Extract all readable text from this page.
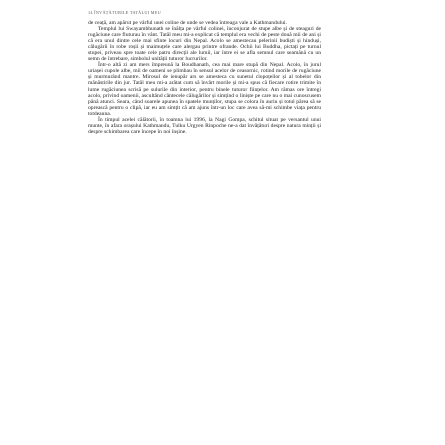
14 ÎNVĂȚĂTURILE TATĂLUI MEU

de ceață, am apărut pe vârful unei coline de unde se vedea întreaga vale a Kathmandului.

Templul lui Swayambhunath se înălța pe vârful colinei, înconjurat de stupe albe și de steaguri de rugăciune care fluturau în vânt. Tatăl meu mi-a explicat că templul era vechi de peste două mii de ani și că era unul dintre cele mai sfinte locuri din Nepal. Acolo se amestecau pelerinii budiști și hinduși, călugării în robe roșii și maimuțele care alergau printre ofrande. Ochii lui Buddha, pictați pe turnul stupei, priveau spre toate cele patru direcții ale lumii, iar între ei se afla semnul care seamănă cu un semn de întrebare, simbolul unității tuturor lucrurilor.

Într-o altă zi am mers împreună la Boudhanath, cea mai mare stupă din Nepal. Acolo, în jurul uriașei cupole albe, mii de oameni se plimbau în sensul acelor de ceasornic, rotind morile de rugăciune și murmurând mantre. Mirosul de ienupăr ars se amesteca cu sunetul clopoțeilor și al tobelor din mănăstirile din jur. Tatăl meu mi-a arătat cum să învârt morile și mi-a spus că fiecare rotire trimite în lume rugăciunea scrisă pe sulurile din interior, pentru binele tuturor ființelor. Am rămas ore întregi acolo, privind oamenii, ascultând cântecele călugărilor și simțind o liniște pe care nu o mai cunoscusem până atunci. Seara, când soarele apunea în spatele munților, stupa se colora în auriu și totul părea să se oprească pentru o clipă, iar eu am simțit că am ajuns într-un loc care avea să-mi schimbe viața pentru totdeauna.

În timpul acelei călătorii, în toamna lui 1996, la Nagi Gompa, schitul situat pe versantul unui munte, în afara orașului Kathmandu, Tulku Urgyen Rinpoche ne-a dat învățături despre natura minții și despre schimbarea care începe în noi înșine.
